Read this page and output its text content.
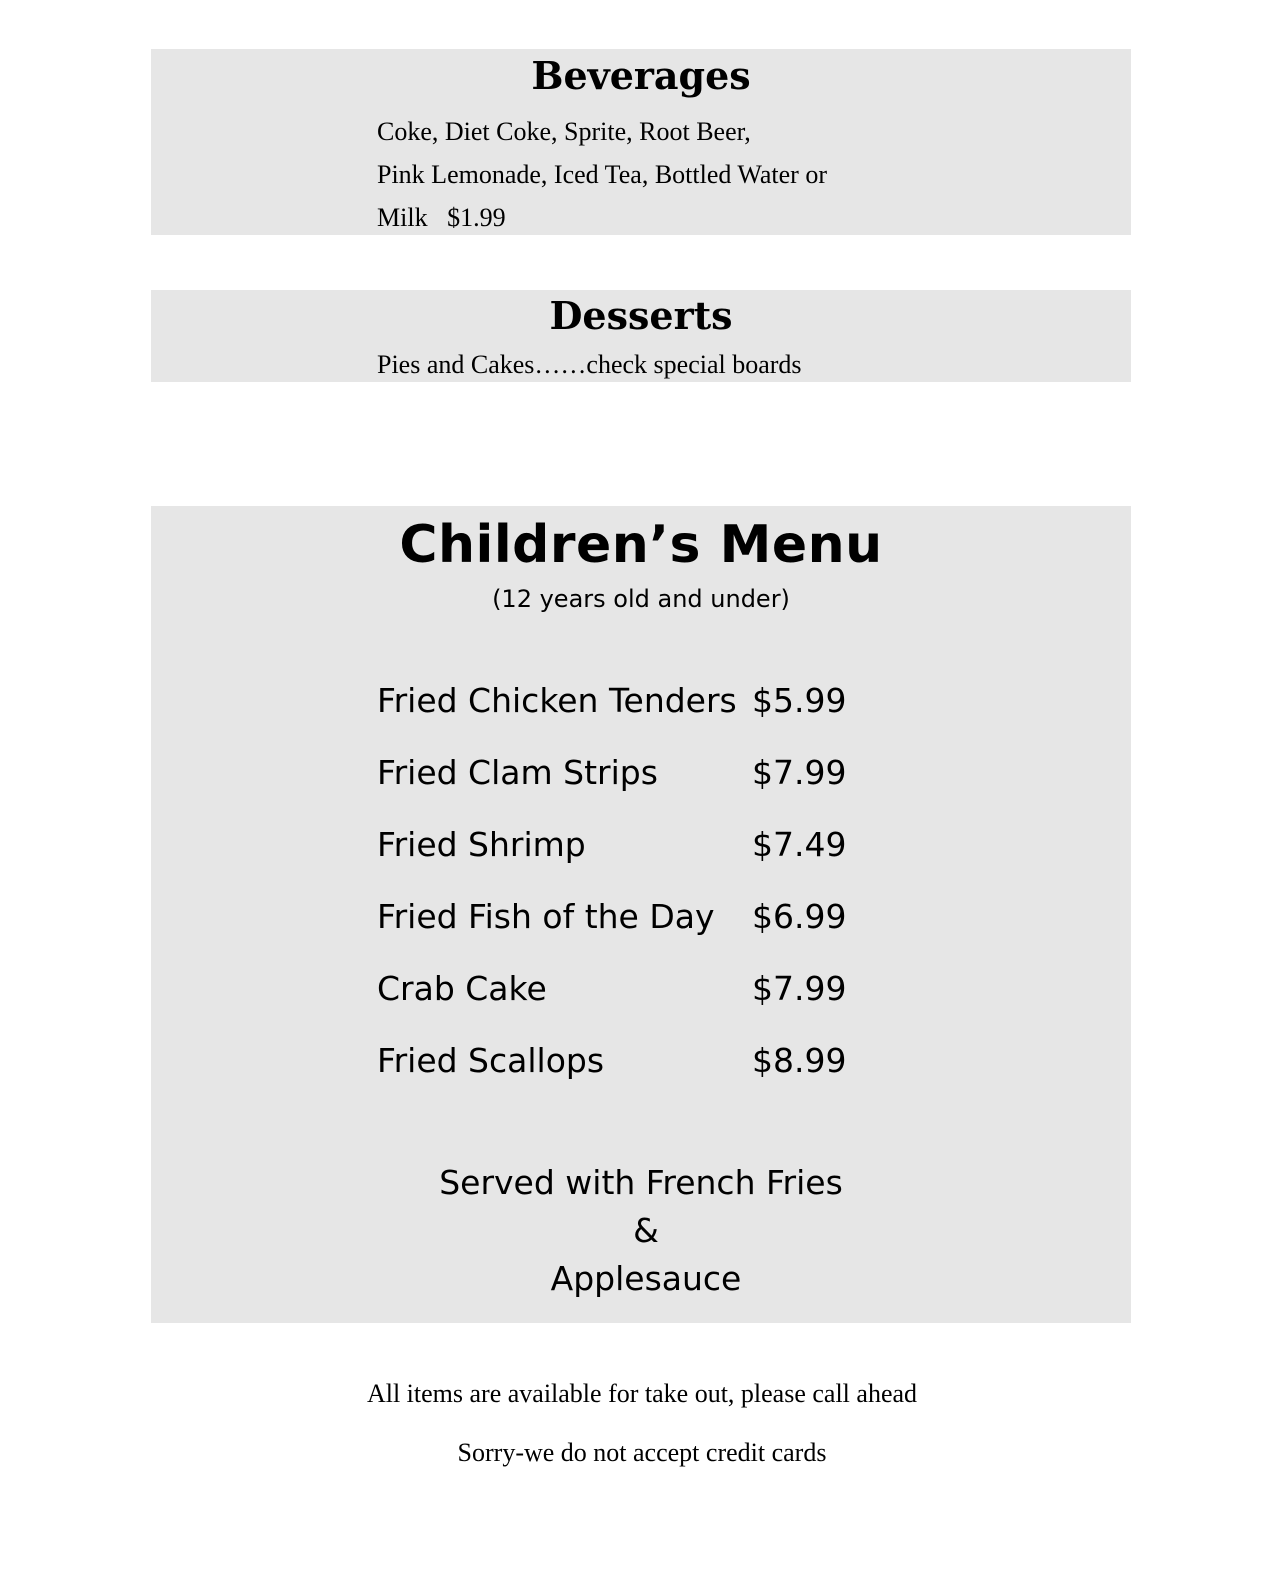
Beverages

Coke, Diet Coke, Sprite, Root Beer,

Pink Lemonade, Iced Tea, Bottled Water or

Milk   $1.99

Desserts

Pies and Cakes……check special boards

Children’s Menu

(12 years old and under)

Fried Chicken Tenders $5.99
Fried Clam Strips	$7.99
Fried Shrimp	$7.49
Fried Fish of the Day $6.99
Crab Cake	$7.99
Fried Scallops	$8.99

Served with French Fries

&

Applesauce

All items are available for take out, please call ahead

Sorry-we do not accept credit cards
